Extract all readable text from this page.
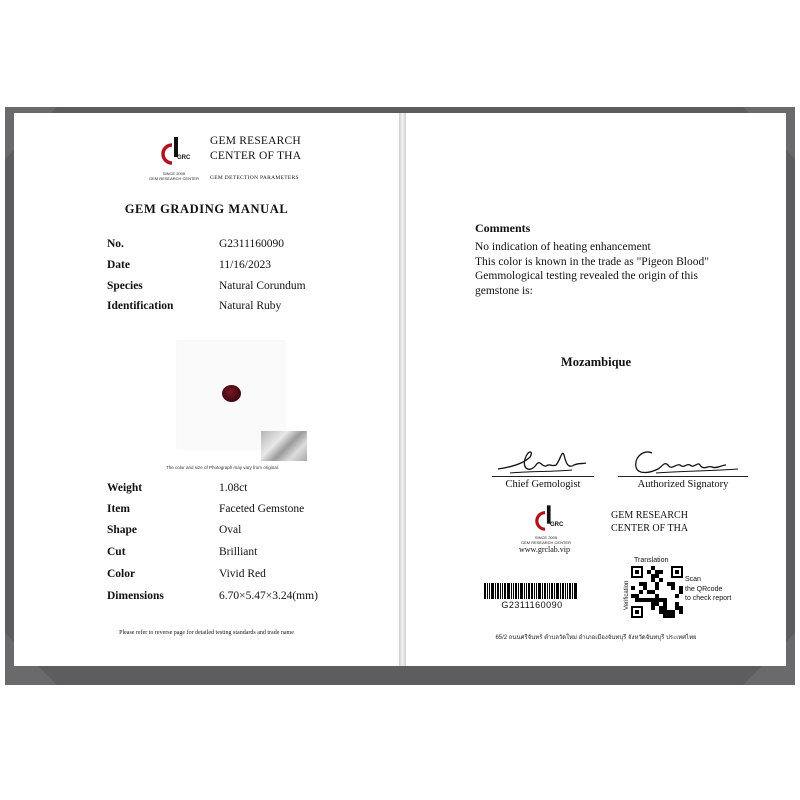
GRC
SINCE 2005
GEM RESEARCH CENTER
GEM RESEARCH
CENTER OF THA
GEM DETECTION PARAMETERS
GEM GRADING MANUAL
No.	G2311160090
Date	11/16/2023
Species	Natural Corundum
Identification	Natural Ruby
The color and size of Photograph may vary from original.
Weight	1.08ct
Item	Faceted Gemstone
Shape	Oval
Cut	Brilliant
Color	Vivid Red
Dimensions	6.70×5.47×3.24(mm)
Please refer to reverse page for detailed testing standards and trade name
Comments
No indication of heating enhancement
This color is known in the trade as "Pigeon Blood"
Gemmological testing revealed the origin of this
gemstone is:
Mozambique
Chief Gemologist	Authorized Signatory
GRC
SINCE 2005
GEM RESEARCH CENTER
www.grclab.vip
GEM RESEARCH
CENTER OF THA
G2311160090
Translation
Verification
Scan
the QRcode
to check report
65/2 ถนนศรีจันทร์ ตำบลวัดใหม่ อำเภอเมืองจันทบุรี จังหวัดจันทบุรี ประเทศไทย
